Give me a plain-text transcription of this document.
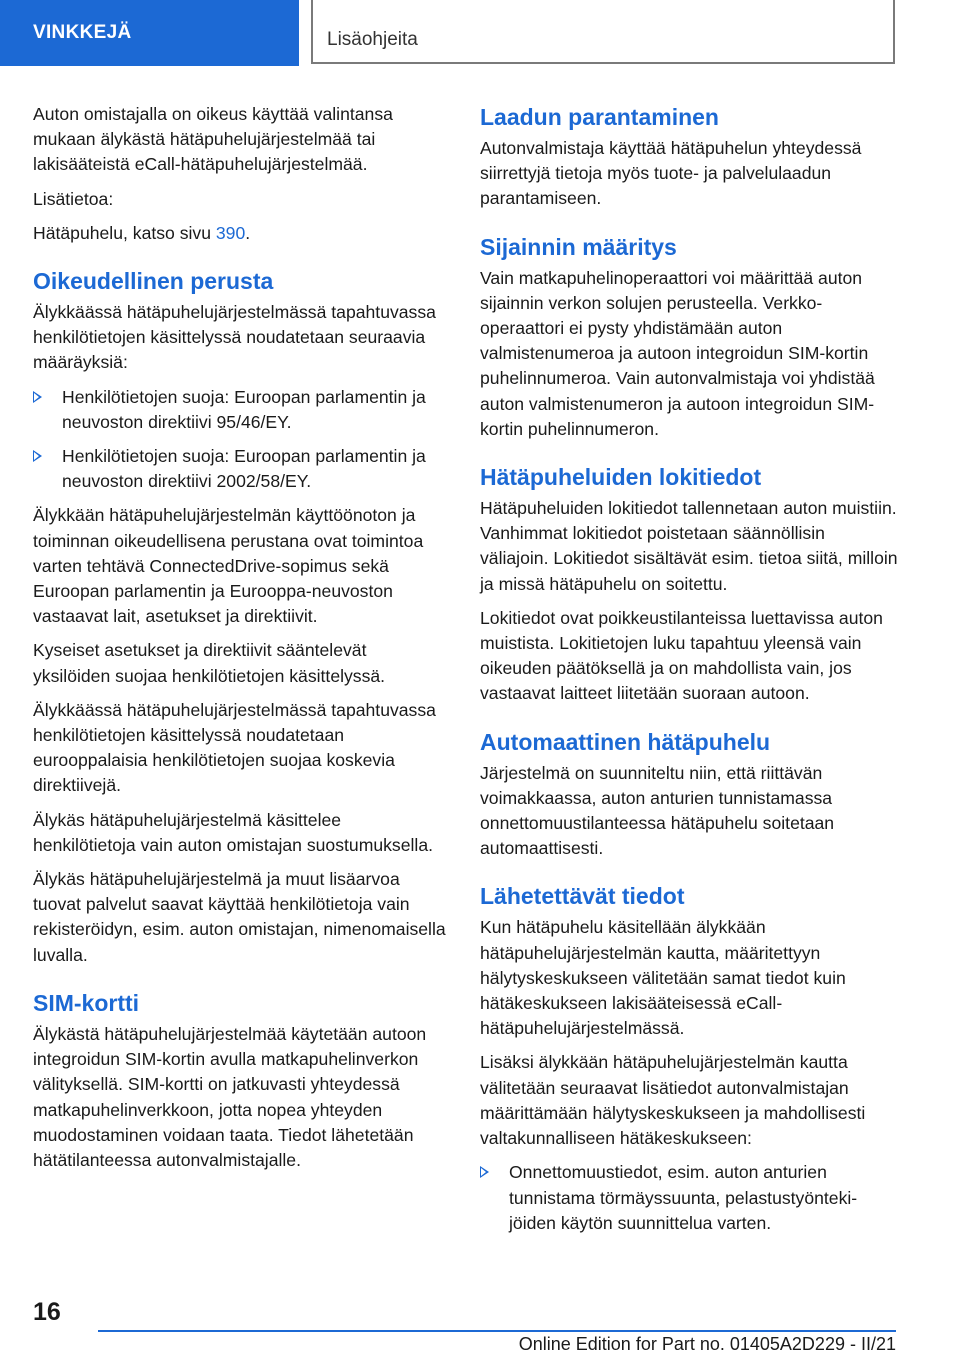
VINKKEJÄ	Lisäohjeita

Auton omistajalla on oikeus käyttää valintansa mukaan älykästä hätäpuhelujärjestelmää tai lakisääteistä eCall-hätäpuhelujärjestelmää.

Lisätietoa:

Hätäpuhelu, katso sivu 390.

Oikeudellinen perusta

Älykkäässä hätäpuhelujärjestelmässä tapahtuvassa henkilötietojen käsittelyssä noudatetaan seuraavia määräyksiä:

Henkilötietojen suoja: Euroopan parlamentin ja neuvoston direktiivi 95/46/EY.
Henkilötietojen suoja: Euroopan parlamentin ja neuvoston direktiivi 2002/58/EY.

Älykkään hätäpuhelujärjestelmän käyttöönoton ja toiminnan oikeudellisena perustana ovat toimintoa varten tehtävä ConnectedDrive-sopimus sekä Euroopan parlamentin ja Eurooppa-neuvoston vastaavat lait, asetukset ja direktiivit.

Kyseiset asetukset ja direktiivit sääntelevät yksilöiden suojaa henkilötietojen käsittelyssä.

Älykkäässä hätäpuhelujärjestelmässä tapahtuvassa henkilötietojen käsittelyssä noudatetaan eurooppalaisia henkilötietojen suojaa koskevia direktiivejä.

Älykäs hätäpuhelujärjestelmä käsittelee henkilötietoja vain auton omistajan suostumuksella.

Älykäs hätäpuhelujärjestelmä ja muut lisäarvoa tuovat palvelut saavat käyttää henkilötietoja vain rekisteröidyn, esim. auton omistajan, nimenomaisella luvalla.

SIM-kortti

Älykästä hätäpuhelujärjestelmää käytetään autoon integroidun SIM-kortin avulla matkapuhelinverkon välityksellä. SIM-kortti on jatkuvasti yhteydessä matkapuhelinverkkoon, jotta nopea yhteyden muodostaminen voidaan taata. Tiedot lähetetään hätätilanteessa autonvalmistajalle.

Laadun parantaminen

Autonvalmistaja käyttää hätäpuhelun yhteydessä siirrettyjä tietoja myös tuote- ja palvelulaadun parantamiseen.

Sijainnin määritys

Vain matkapuhelinoperaattori voi määrittää auton sijainnin verkon solujen perusteella. Verkko-operaattori ei pysty yhdistämään auton valmistenumeroa ja autoon integroidun SIM-kortin puhelinnumeroa. Vain autonvalmistaja voi yhdistää auton valmistenumeron ja autoon integroidun SIM-kortin puhelinnumeron.

Hätäpuheluiden lokitiedot

Hätäpuheluiden lokitiedot tallennetaan auton muistiin. Vanhimmat lokitiedot poistetaan säännöllisin väliajoin. Lokitiedot sisältävät esim. tietoa siitä, milloin ja missä hätäpuhelu on soitettu.

Lokitiedot ovat poikkeustilanteissa luettavissa auton muistista. Lokitietojen luku tapahtuu yleensä vain oikeuden päätöksellä ja on mahdollista vain, jos vastaavat laitteet liitetään suoraan autoon.

Automaattinen hätäpuhelu

Järjestelmä on suunniteltu niin, että riittävän voimakkaassa, auton anturien tunnistamassa onnettomuustilanteessa hätäpuhelu soitetaan automaattisesti.

Lähetettävät tiedot

Kun hätäpuhelu käsitellään älykkään hätäpuhelujärjestelmän kautta, määritettyyn hälytyskeskukseen välitetään samat tiedot kuin hätäkeskukseen lakisääteisessä eCall-hätäpuhelujärjestelmässä.

Lisäksi älykkään hätäpuhelujärjestelmän kautta välitetään seuraavat lisätiedot autonvalmistajan määrittämään hälytyskeskukseen ja mahdollisesti valtakunnalliseen hätäkeskukseen:

Onnettomuustiedot, esim. auton anturien tunnistama törmäyssuunta, pelastustyöntekijöiden käytön suunnittelua varten.
16
Online Edition for Part no. 01405A2D229 - II/21
